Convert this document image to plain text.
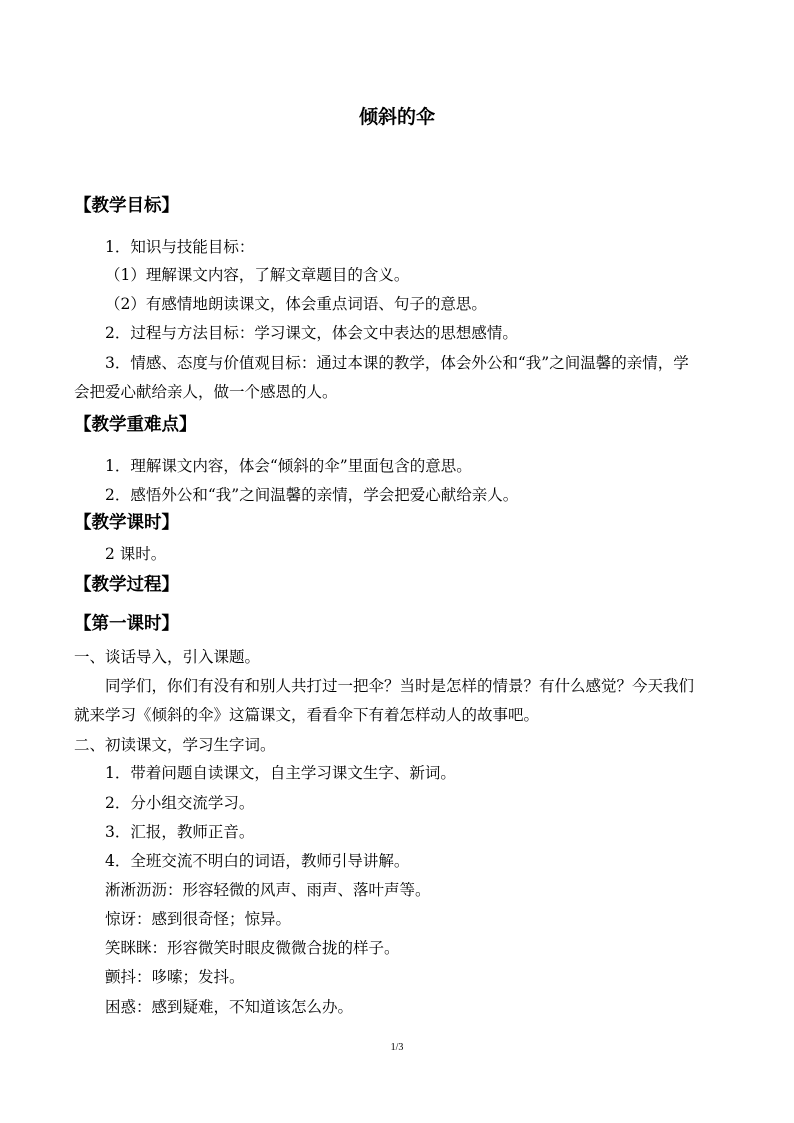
倾斜的伞
【教学目标】
1．知识与技能目标：
（1）理解课文内容，了解文章题目的含义。
（2）有感情地朗读课文，体会重点词语、句子的意思。
2．过程与方法目标：学习课文，体会文中表达的思想感情。
3．情感、态度与价值观目标：通过本课的教学，体会外公和“我”之间温馨的亲情，学
会把爱心献给亲人，做一个感恩的人。
【教学重难点】
1．理解课文内容，体会“倾斜的伞”里面包含的意思。
2．感悟外公和“我”之间温馨的亲情，学会把爱心献给亲人。
【教学课时】
2 课时。
【教学过程】
【第一课时】
一、谈话导入，引入课题。
同学们，你们有没有和别人共打过一把伞？当时是怎样的情景？有什么感觉？今天我们
就来学习《倾斜的伞》这篇课文，看看伞下有着怎样动人的故事吧。
二、初读课文，学习生字词。
1．带着问题自读课文，自主学习课文生字、新词。
2．分小组交流学习。
3．汇报，教师正音。
4．全班交流不明白的词语，教师引导讲解。
淅淅沥沥：形容轻微的风声、雨声、落叶声等。
惊讶：感到很奇怪；惊异。
笑眯眯：形容微笑时眼皮微微合拢的样子。
颤抖：哆嗦；发抖。
困惑：感到疑难，不知道该怎么办。
1/3
